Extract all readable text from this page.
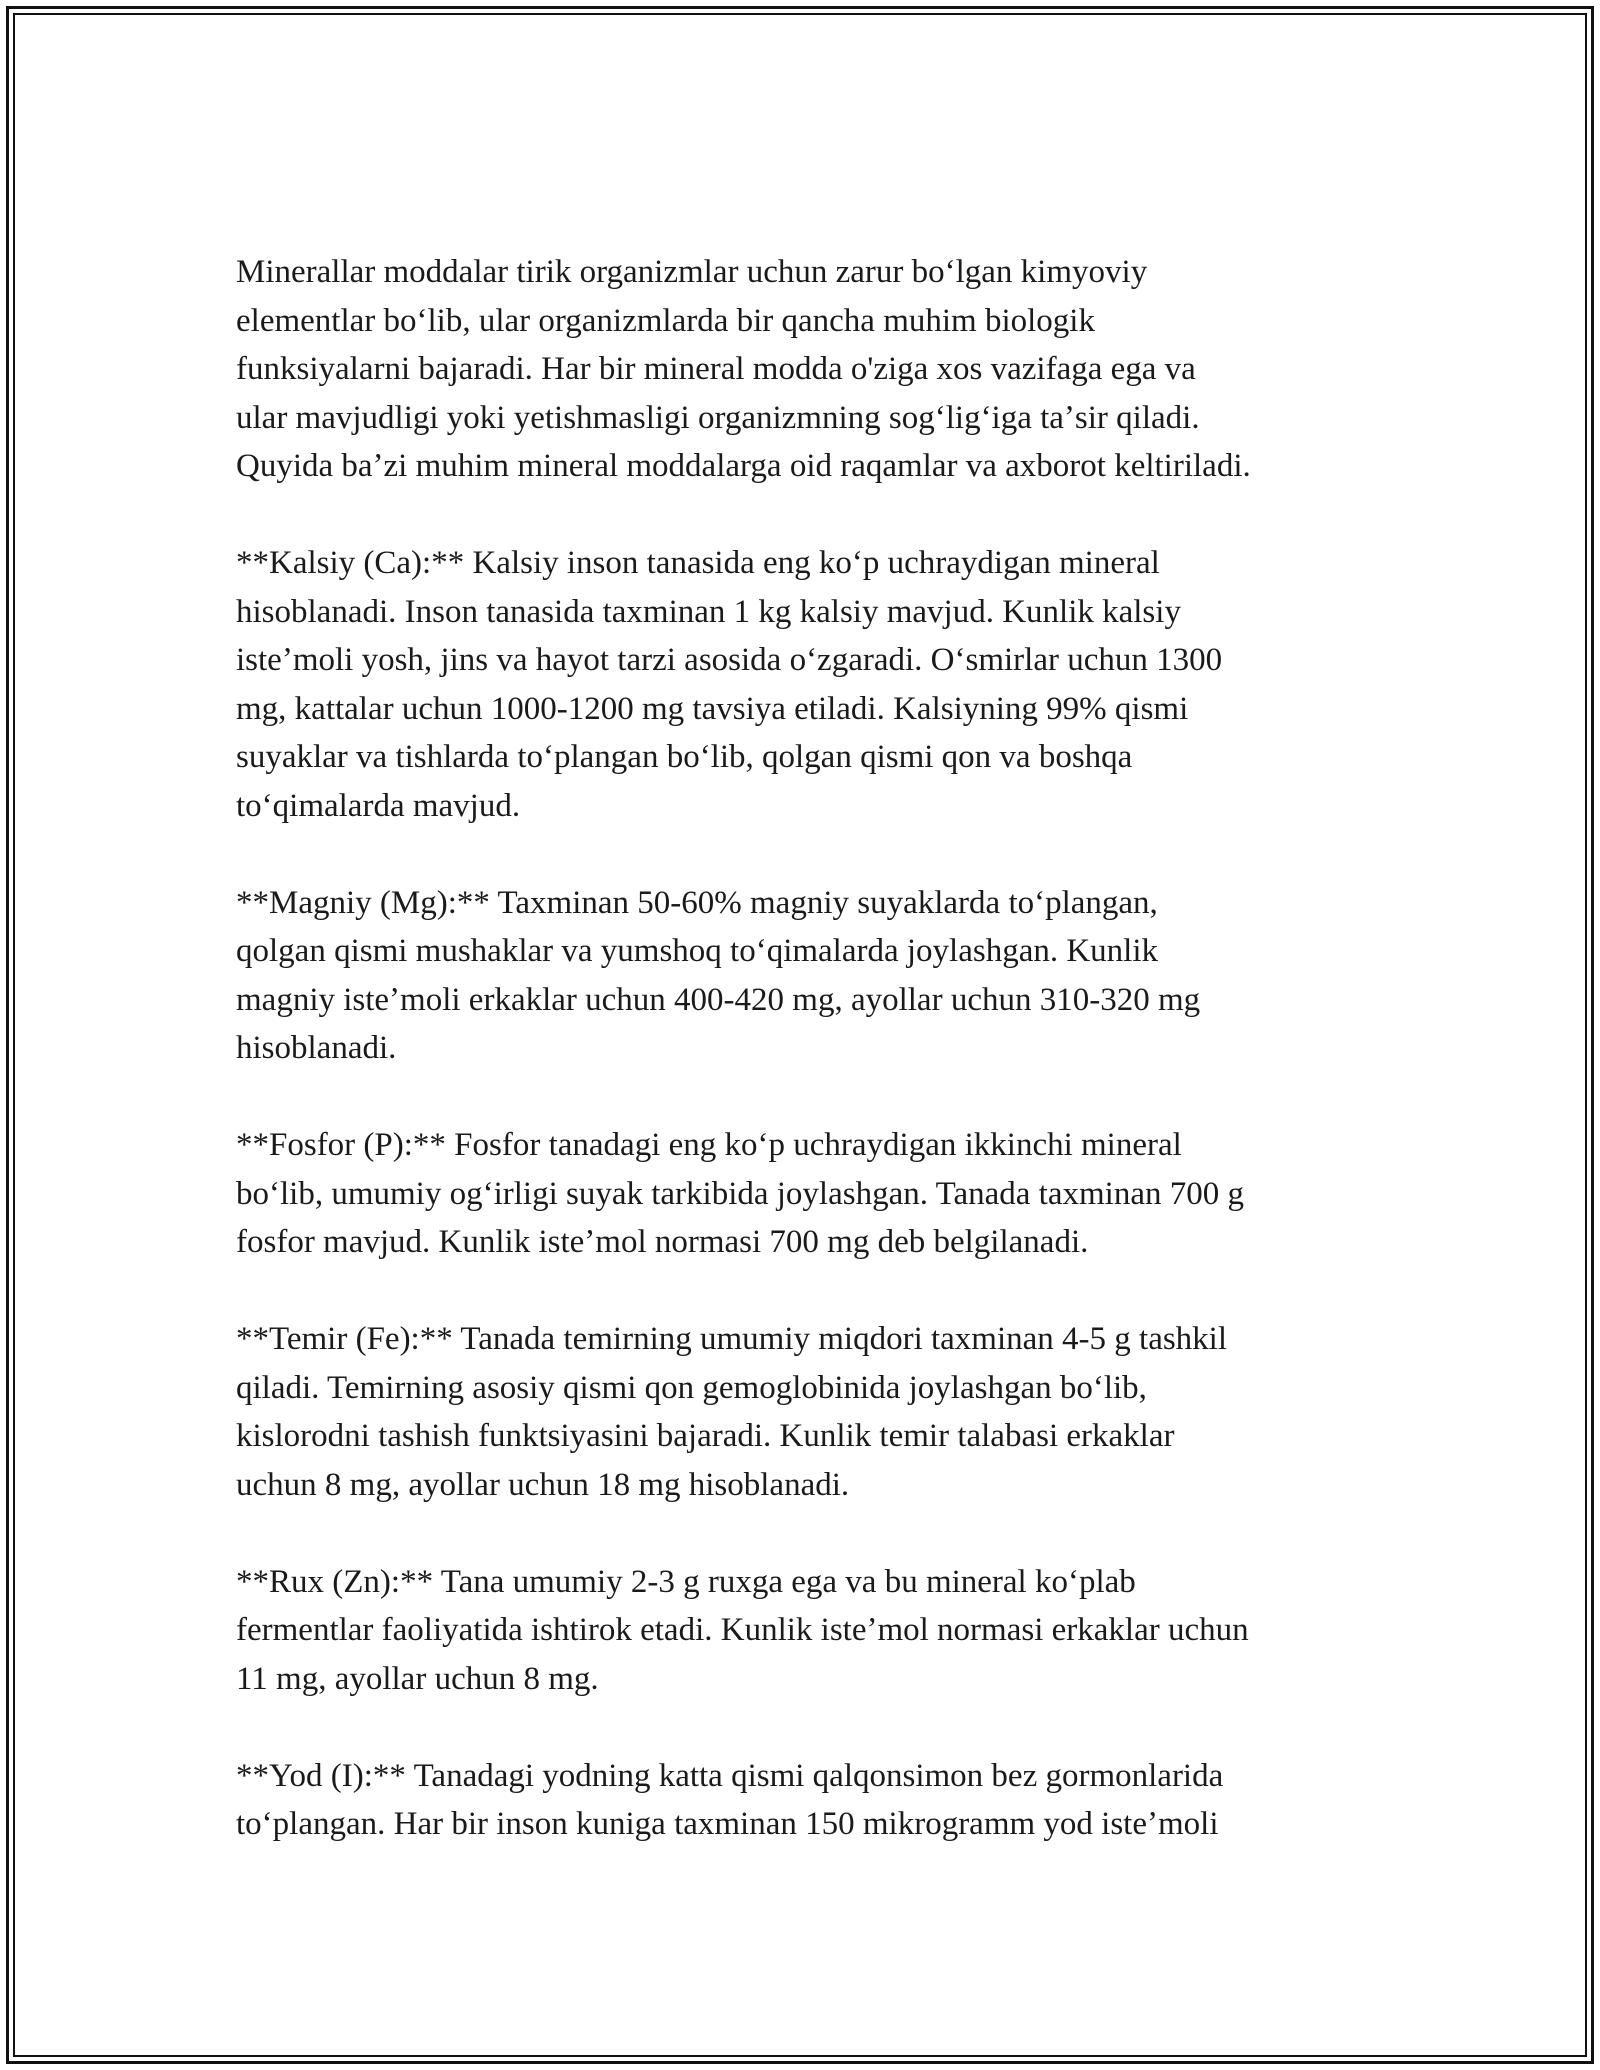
Minerallar moddalar tirik organizmlar uchun zarur boʻlgan kimyoviy
elementlar boʻlib, ular organizmlarda bir qancha muhim biologik
funksiyalarni bajaradi. Har bir mineral modda o'ziga xos vazifaga ega va
ular mavjudligi yoki yetishmasligi organizmning sogʻligʻiga taʼsir qiladi.
Quyida baʼzi muhim mineral moddalarga oid raqamlar va axborot keltiriladi.

**Kalsiy (Ca):** Kalsiy inson tanasida eng koʻp uchraydigan mineral
hisoblanadi. Inson tanasida taxminan 1 kg kalsiy mavjud. Kunlik kalsiy
isteʼmoli yosh, jins va hayot tarzi asosida oʻzgaradi. Oʻsmirlar uchun 1300
mg, kattalar uchun 1000-1200 mg tavsiya etiladi. Kalsiyning 99% qismi
suyaklar va tishlarda toʻplangan boʻlib, qolgan qismi qon va boshqa
toʻqimalarda mavjud.

**Magniy (Mg):** Taxminan 50-60% magniy suyaklarda toʻplangan,
qolgan qismi mushaklar va yumshoq toʻqimalarda joylashgan. Kunlik
magniy isteʼmoli erkaklar uchun 400-420 mg, ayollar uchun 310-320 mg
hisoblanadi.

**Fosfor (P):** Fosfor tanadagi eng koʻp uchraydigan ikkinchi mineral
boʻlib, umumiy ogʻirligi suyak tarkibida joylashgan. Tanada taxminan 700 g
fosfor mavjud. Kunlik isteʼmol normasi 700 mg deb belgilanadi.

**Temir (Fe):** Tanada temirning umumiy miqdori taxminan 4-5 g tashkil
qiladi. Temirning asosiy qismi qon gemoglobinida joylashgan boʻlib,
kislorodni tashish funktsiyasini bajaradi. Kunlik temir talabasi erkaklar
uchun 8 mg, ayollar uchun 18 mg hisoblanadi.

**Rux (Zn):** Tana umumiy 2-3 g ruxga ega va bu mineral koʻplab
fermentlar faoliyatida ishtirok etadi. Kunlik isteʼmol normasi erkaklar uchun
11 mg, ayollar uchun 8 mg.

**Yod (I):** Tanadagi yodning katta qismi qalqonsimon bez gormonlarida
toʻplangan. Har bir inson kuniga taxminan 150 mikrogramm yod isteʼmoli
